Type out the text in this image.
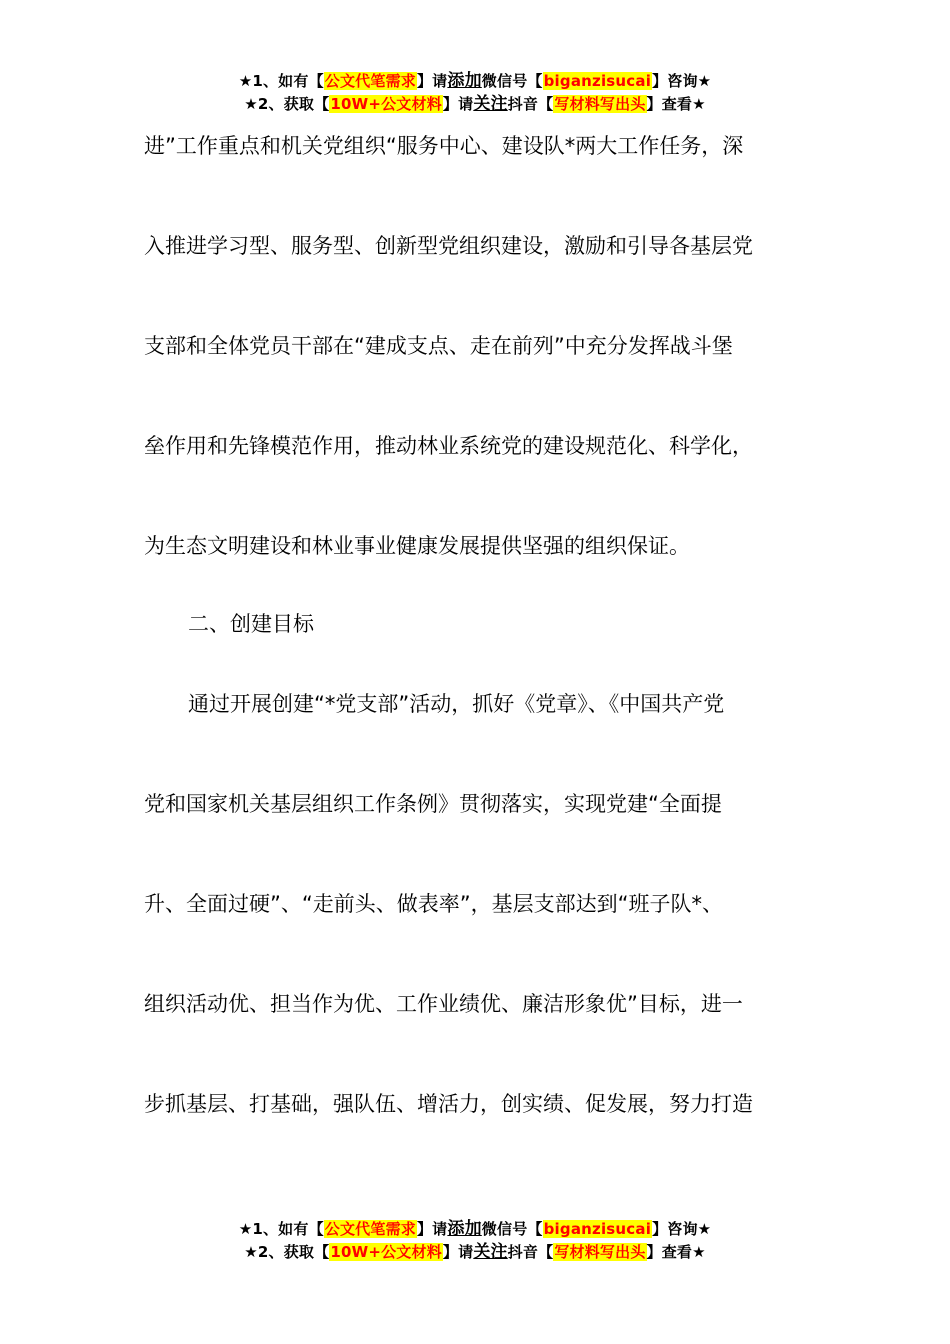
★1、如有【公文代笔需求】请添加微信号【biganzisucai】咨询★
★2、获取【10W+公文材料】请关注抖音【写材料写出头】查看★
进”工作重点和机关党组织“服务中心、建设队*两大工作任务，深
入推进学习型、服务型、创新型党组织建设，激励和引导各基层党
支部和全体党员干部在“建成支点、走在前列”中充分发挥战斗堡
垒作用和先锋模范作用，推动林业系统党的建设规范化、科学化，
为生态文明建设和林业事业健康发展提供坚强的组织保证。
二、创建目标
通过开展创建“*党支部”活动，抓好《党章》、《中国共产党
党和国家机关基层组织工作条例》贯彻落实，实现党建“全面提
升、全面过硬”、“走前头、做表率”，基层支部达到“班子队*、
组织活动优、担当作为优、工作业绩优、廉洁形象优”目标，进一
步抓基层、打基础，强队伍、增活力，创实绩、促发展，努力打造
★1、如有【公文代笔需求】请添加微信号【biganzisucai】咨询★
★2、获取【10W+公文材料】请关注抖音【写材料写出头】查看★
